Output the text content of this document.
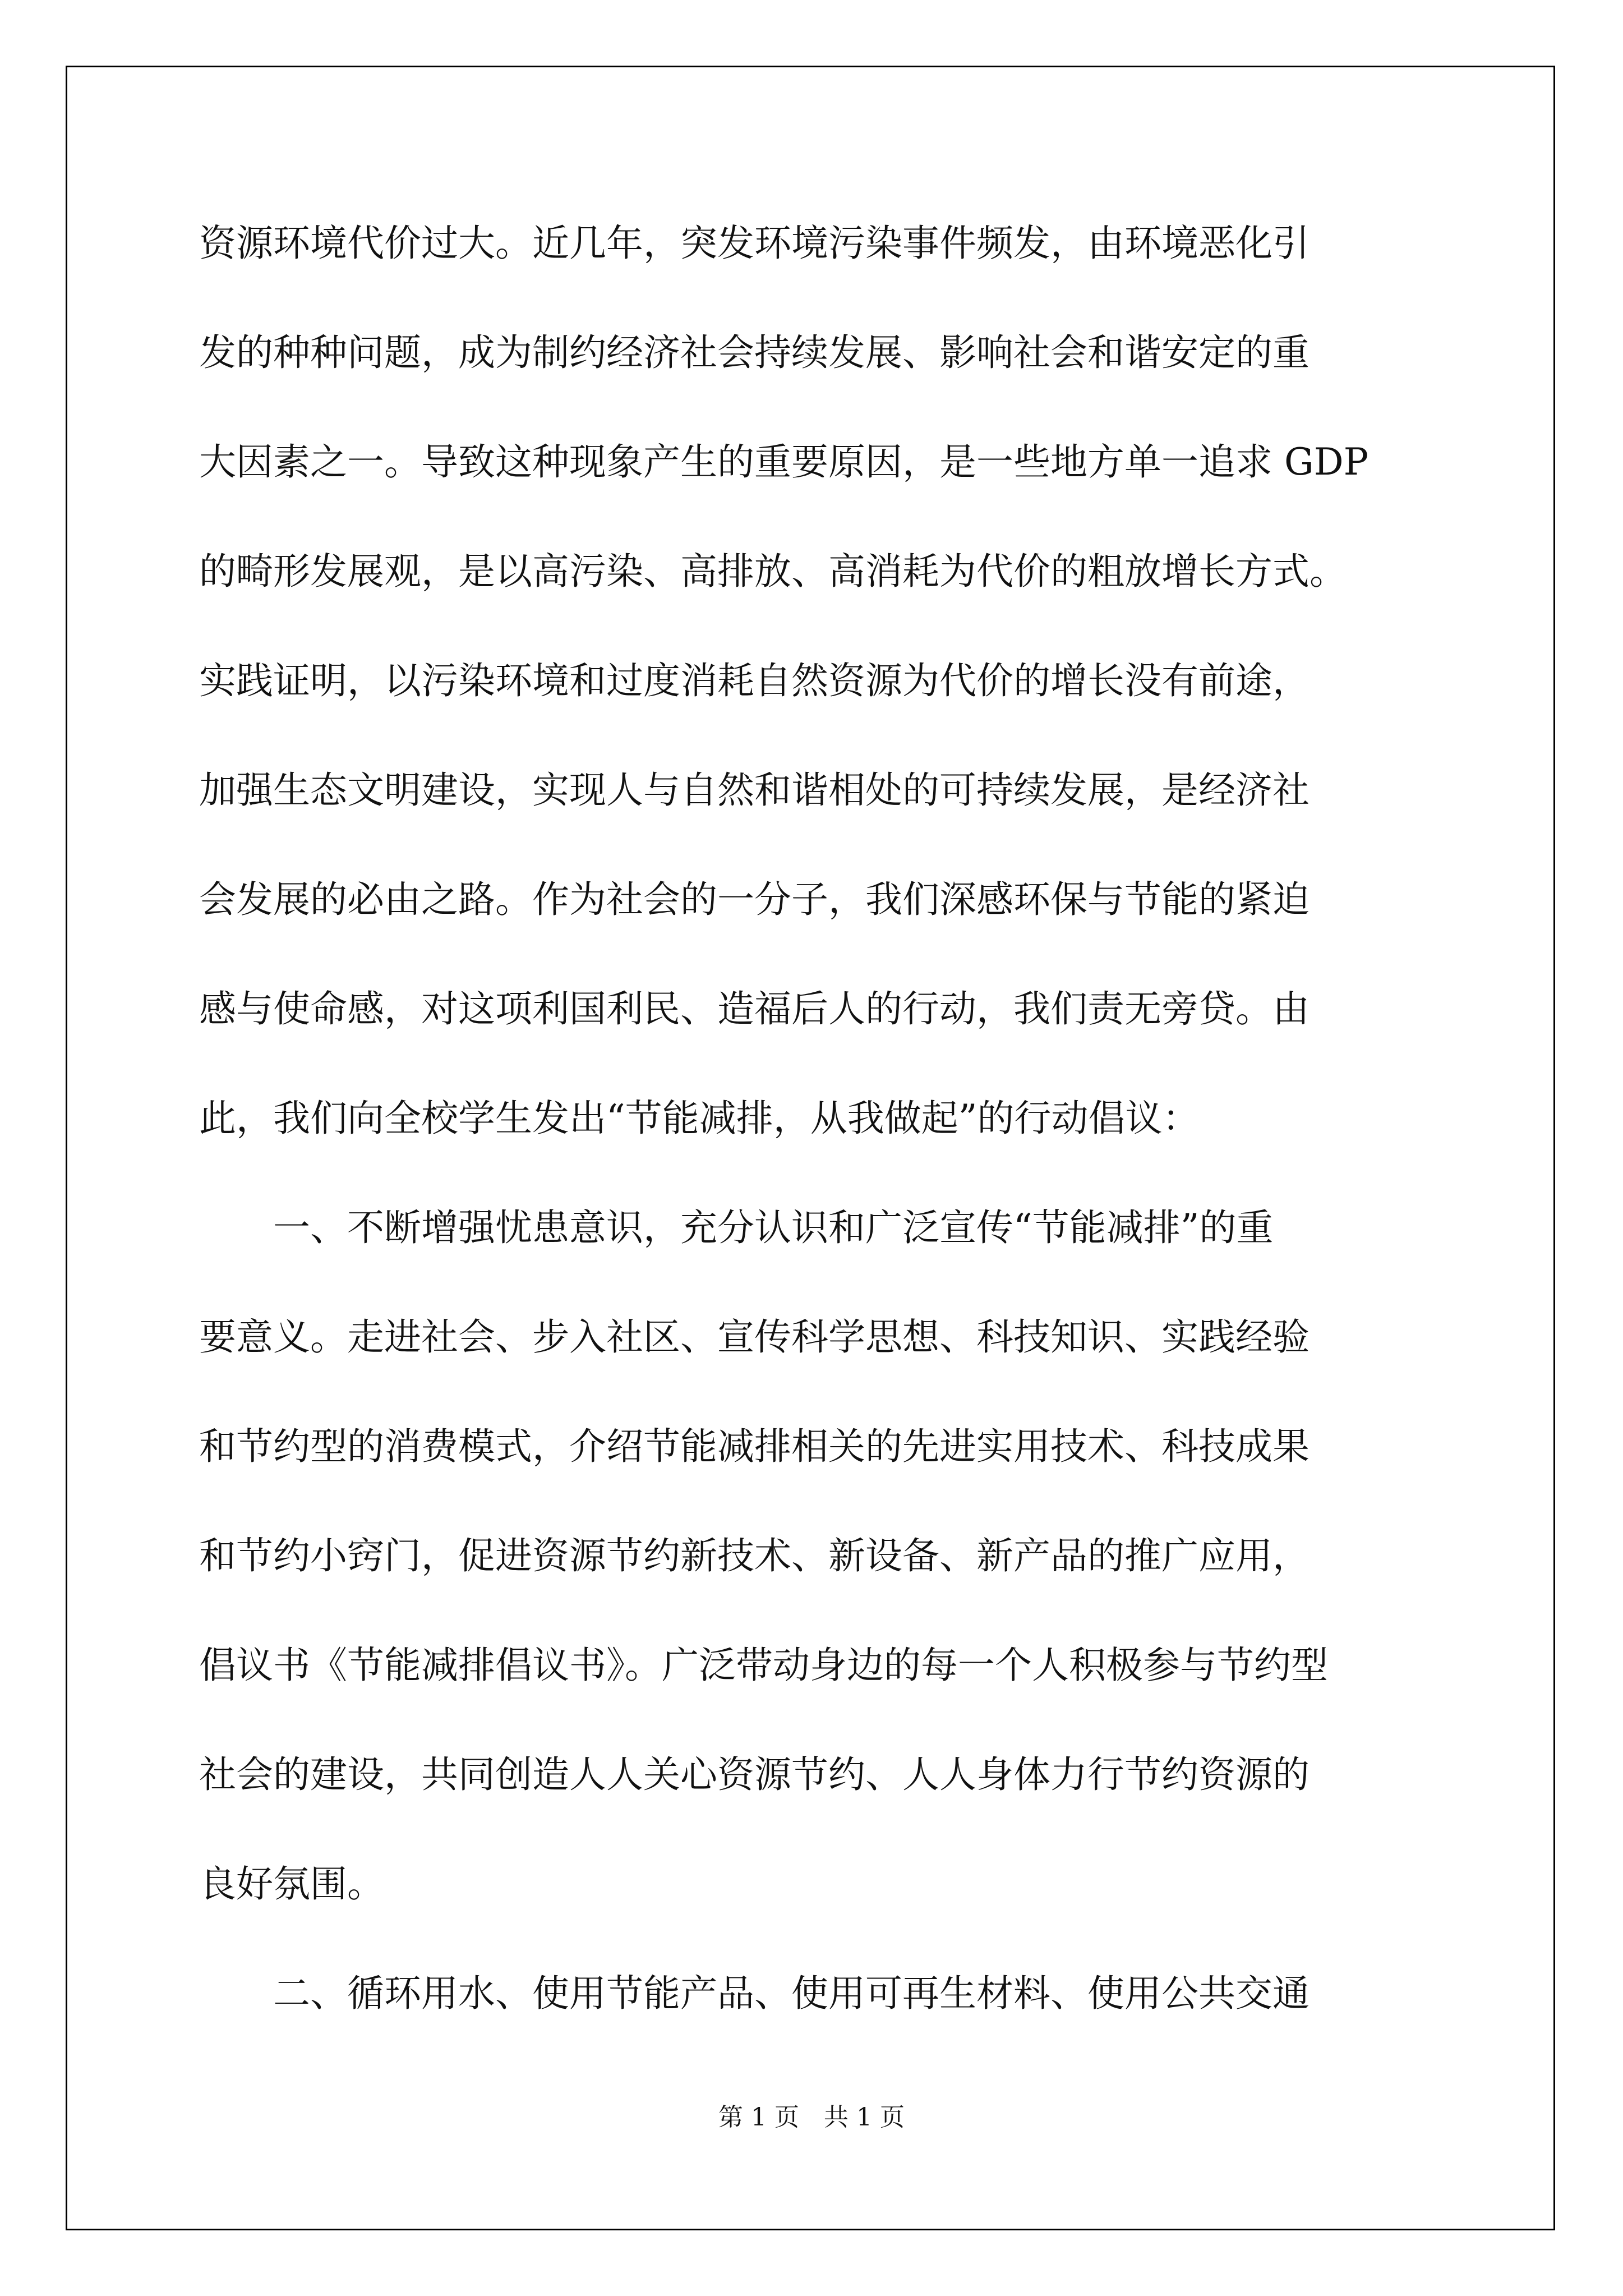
资源环境代价过大。近几年，突发环境污染事件频发，由环境恶化引
发的种种问题，成为制约经济社会持续发展、影响社会和谐安定的重
大因素之一。导致这种现象产生的重要原因，是一些地方单一追求 GDP
的畸形发展观，是以高污染、高排放、高消耗为代价的粗放增长方式。
实践证明，以污染环境和过度消耗自然资源为代价的增长没有前途，
加强生态文明建设，实现人与自然和谐相处的可持续发展，是经济社
会发展的必由之路。作为社会的一分子，我们深感环保与节能的紧迫
感与使命感，对这项利国利民、造福后人的行动，我们责无旁贷。由
此，我们向全校学生发出“节能减排，从我做起”的行动倡议：
　　一、不断增强忧患意识，充分认识和广泛宣传“节能减排”的重
要意义。走进社会、步入社区、宣传科学思想、科技知识、实践经验
和节约型的消费模式，介绍节能减排相关的先进实用技术、科技成果
和节约小窍门，促进资源节约新技术、新设备、新产品的推广应用，
倡议书《节能减排倡议书》。广泛带动身边的每一个人积极参与节约型
社会的建设，共同创造人人关心资源节约、人人身体力行节约资源的
良好氛围。
　　二、循环用水、使用节能产品、使用可再生材料、使用公共交通
第 1 页　共 1 页
